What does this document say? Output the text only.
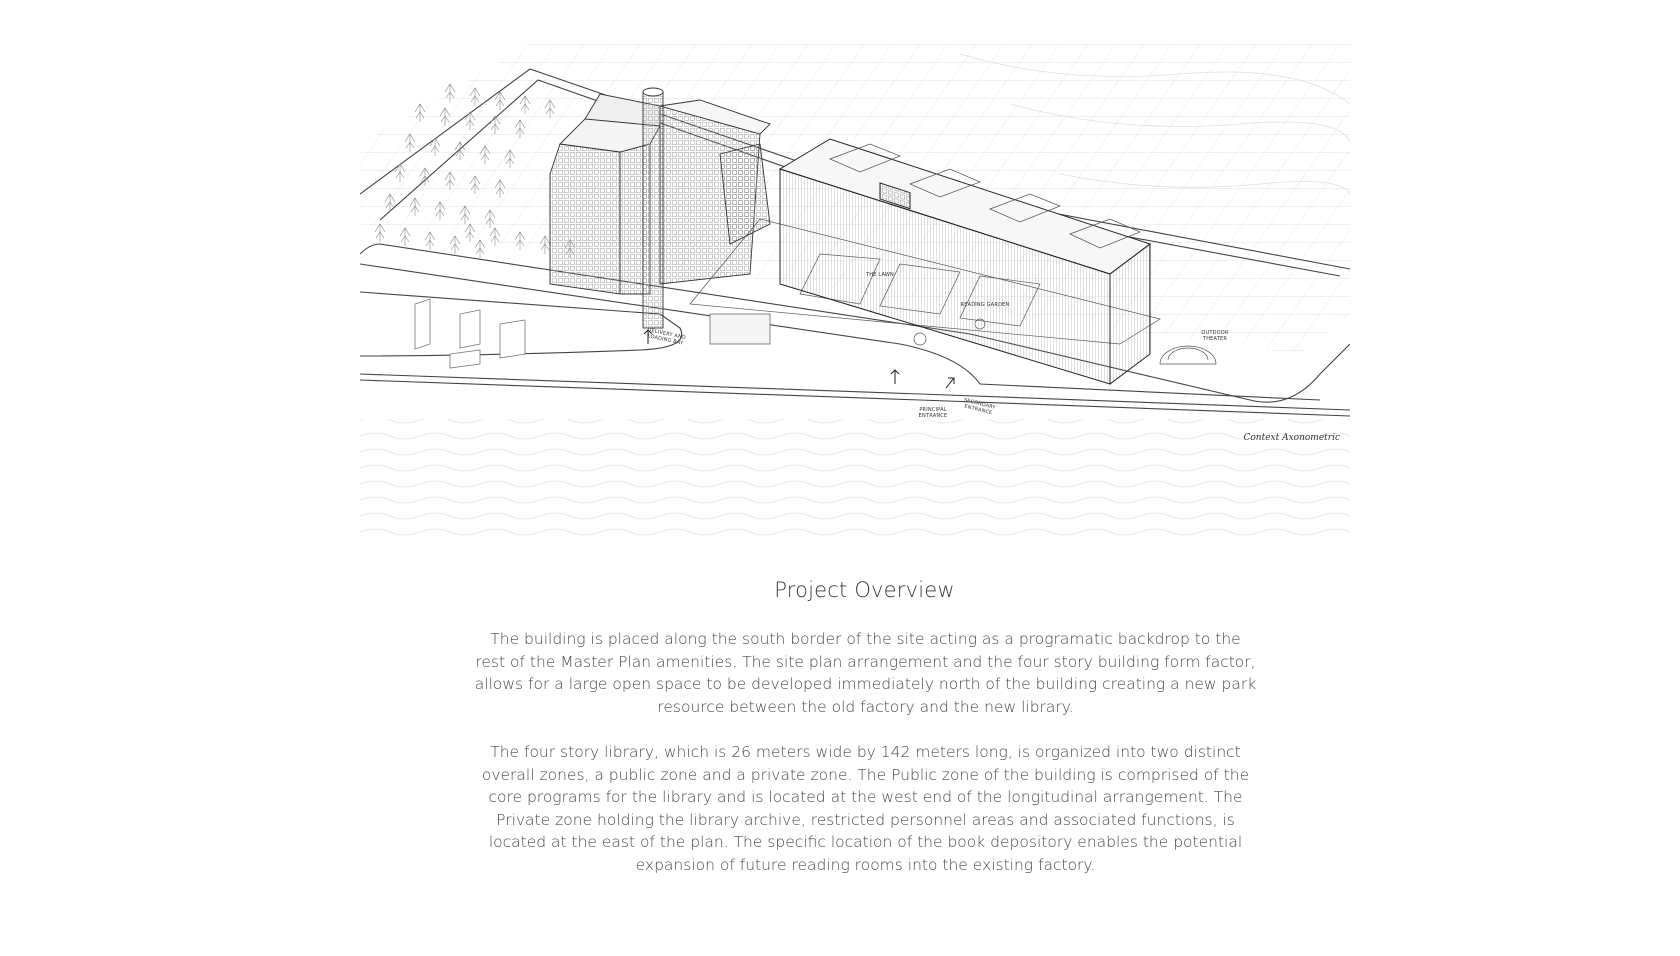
DELIVERY AND LOADING BAY
PRINCIPAL ENTRANCE
SECONDARY ENTRANCE
THE LAWN
READING GARDEN
OUTDOOR THEATER
Context Axonometric
Project Overview
The building is placed along the south border of the site acting as a programatic backdrop to the rest of the Master Plan amenities. The site plan arrangement and the four story building form factor, allows for a large open space to be developed immediately north of the building creating a new park resource between the old factory and the new library.
The four story library, which is 26 meters wide by 142 meters long, is organized into two distinct overall zones, a public zone and a private zone. The Public zone of the building is comprised of the core programs for the library and is located at the west end of the longitudinal arrangement. The Private zone holding the library archive, restricted personnel areas and associated functions, is located at the east of the plan. The specific location of the book depository enables the potential expansion of future reading rooms into the existing factory.
